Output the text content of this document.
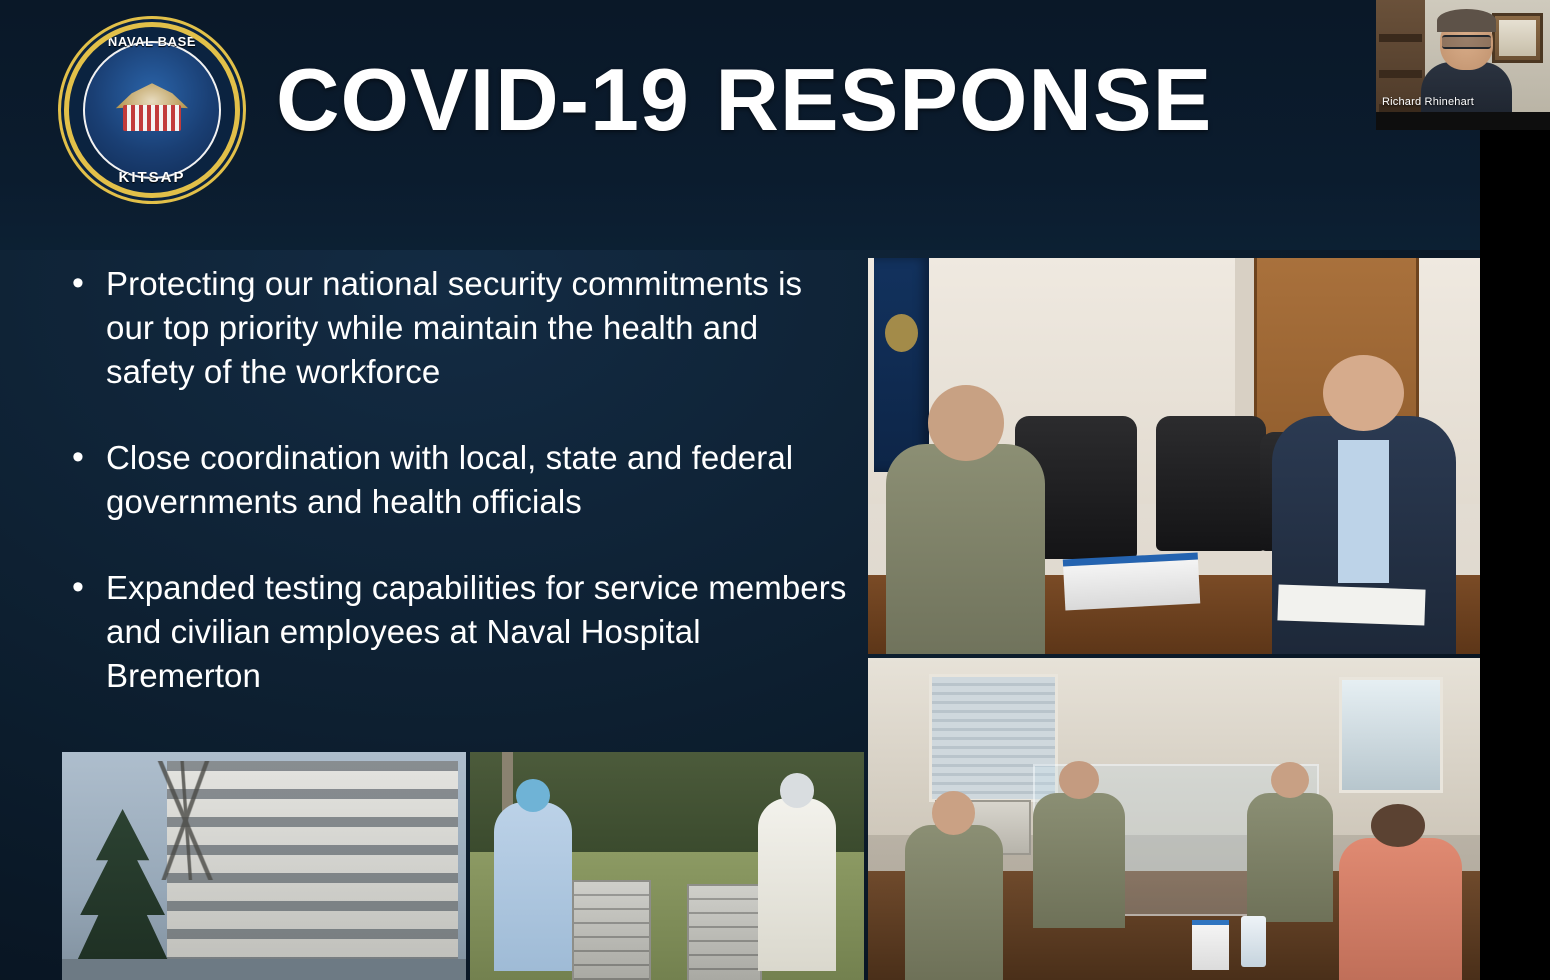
NAVAL BASE
KITSAP
COVID-19 RESPONSE
• Protecting our national security commitments is our top priority while maintain the health and safety of the workforce
• Close coordination with local, state and federal governments and health officials
• Expanded testing capabilities for service members and civilian employees at Naval Hospital Bremerton
Richard Rhinehart
